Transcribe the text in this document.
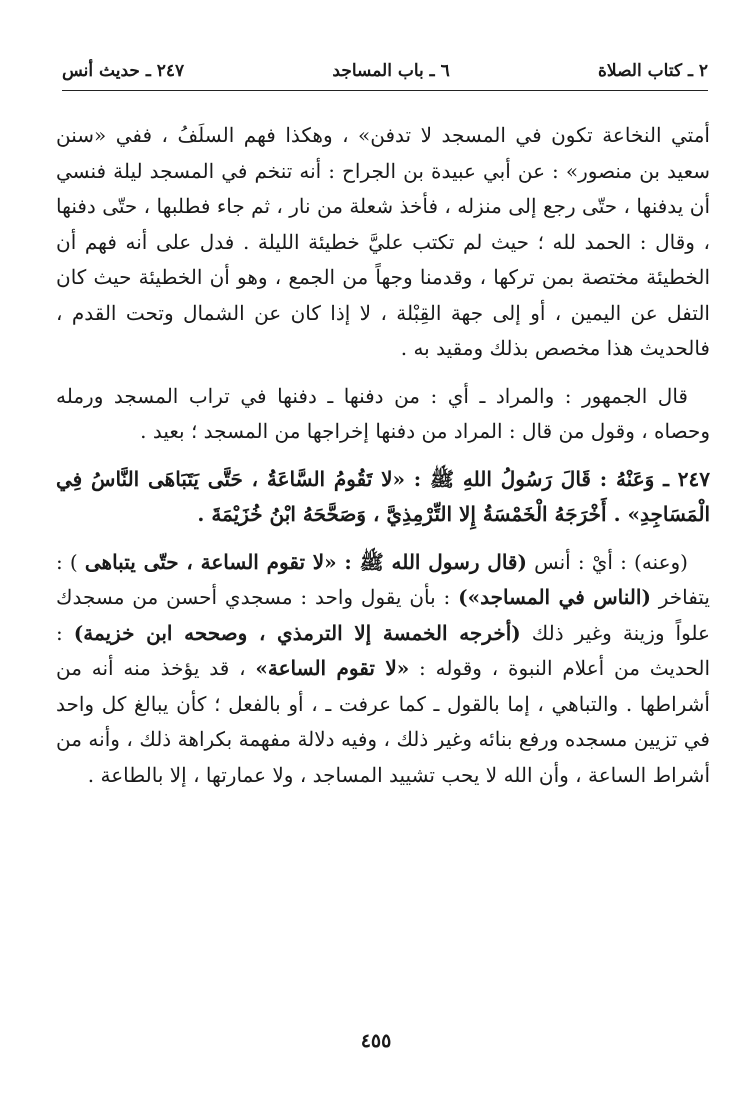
٢ ـ كتاب الصلاة
٦ ـ باب المساجد
٢٤٧ ـ حديث أنس

أمتي النخاعة تكون في المسجد لا تدفن» ، وهكذا فهم السلَفُ ، ففي «سنن سعيد بن منصور» : عن أبي عبيدة بن الجراح : أنه تنخم في المسجد ليلة فنسي أن يدفنها ، حتّى رجع إلى منزله ، فأخذ شعلة من نار ، ثم جاء فطلبها ، حتّى دفنها ، وقال : الحمد لله ؛ حيث لم تكتب عليَّ خطيئة الليلة . فدل على أنه فهم أن الخطيئة مختصة بمن تركها ، وقدمنا وجهاً من الجمع ، وهو أن الخطيئة حيث كان التفل عن اليمين ، أو إلى جهة القِبْلة ، لا إذا كان عن الشمال وتحت القدم ، فالحديث هذا مخصص بذلك ومقيد به .

قال الجمهور : والمراد ـ أي : من دفنها ـ دفنها في تراب المسجد ورمله وحصاه ، وقول من قال : المراد من دفنها إخراجها من المسجد ؛ بعيد .

٢٤٧ ـ وَعَنْهُ : قَالَ رَسُولُ اللهِ ﷺ : «لا تَقُومُ السَّاعَةُ ، حَتَّى يَتَبَاهَى النَّاسُ فِي الْمَسَاجِدِ» . أَخْرَجَهُ الْخَمْسَةُ إِلا التِّرْمِذِيَّ ، وَصَحَّحَهُ ابْنُ خُزَيْمَةَ .

(وعنه) : أيْ : أنس (قال رسول الله ﷺ : «لا تقوم الساعة ، حتّى يتباهى ) : يتفاخر (الناس في المساجد») : بأن يقول واحد : مسجدي أحسن من مسجدك علواً وزينة وغير ذلك (أخرجه الخمسة إلا الترمذي ، وصححه ابن خزيمة) : الحديث من أعلام النبوة ، وقوله : «لا تقوم الساعة» ، قد يؤخذ منه أنه من أشراطها . والتباهي ، إما بالقول ـ كما عرفت ـ ، أو بالفعل ؛ كأن يبالغ كل واحد في تزيين مسجده ورفع بنائه وغير ذلك ، وفيه دلالة مفهمة بكراهة ذلك ، وأنه من أشراط الساعة ، وأن الله لا يحب تشييد المساجد ، ولا عمارتها ، إلا بالطاعة .

٤٥٥
